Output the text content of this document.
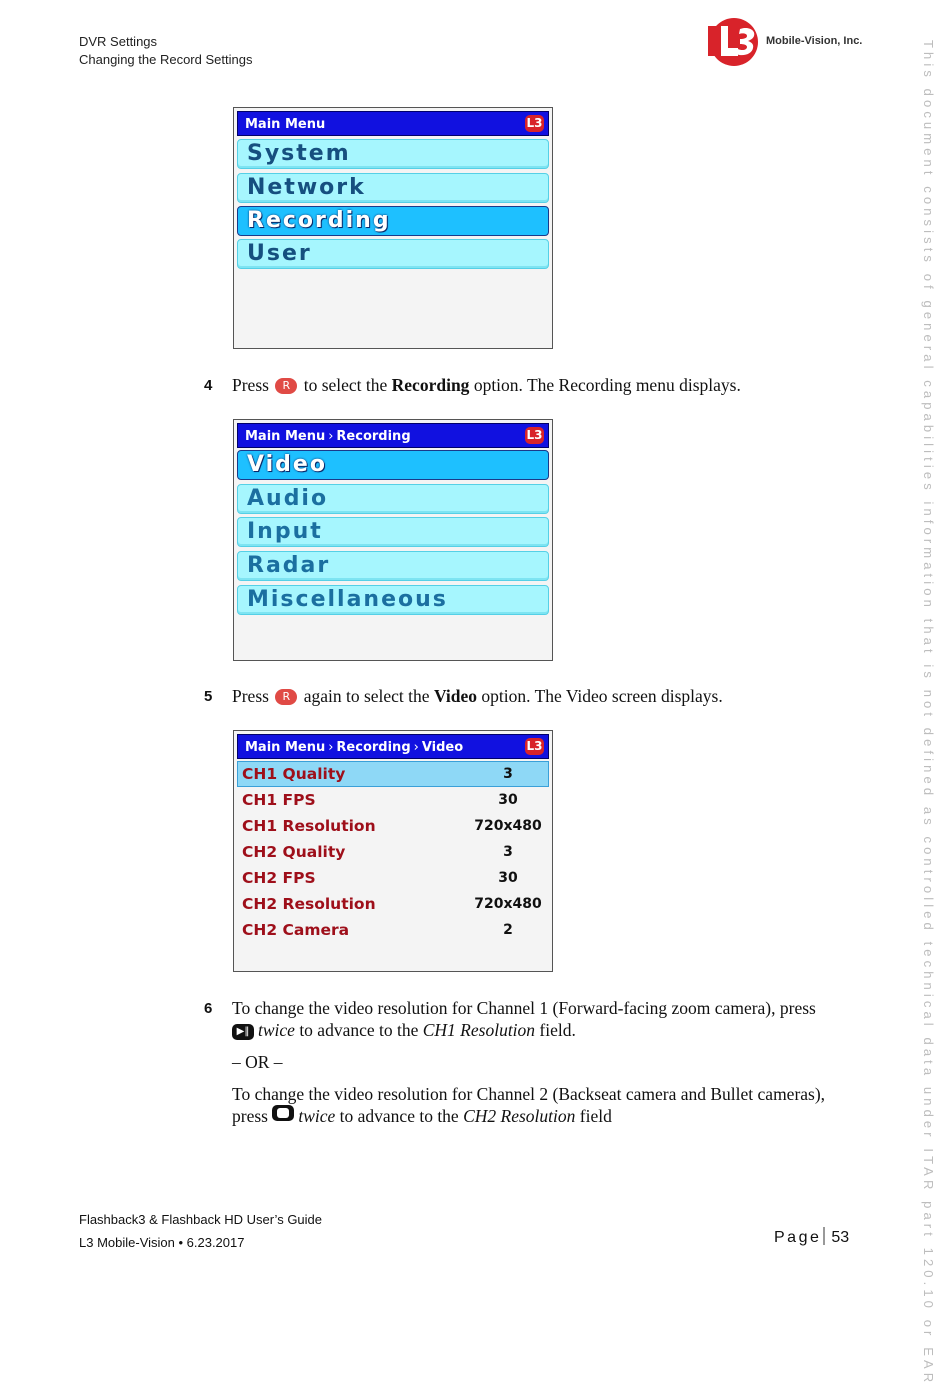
DVR Settings
Changing the Record Settings
Mobile-Vision, Inc.	This document consists of general capabilities information that is not defined as controlled technical data under ITAR part 120.10 or EAR
Main Menu	L3
System
Network
Recording
User
4 Press R to select the Recording option. The Recording menu displays.
Main Menu › Recording	L3
Video
Audio
Input
Radar
Miscellaneous
5 Press R again to select the Video option. The Video screen displays.
Main Menu › Recording › Video	L3
CH1 Quality	3
CH1 FPS	30
CH1 Resolution	720x480
CH2 Quality	3
CH2 FPS	30
CH2 Resolution	720x480
CH2 Camera	2
6 To change the video resolution for Channel 1 (Forward-facing zoom camera), press
▶‖ twice to advance to the CH1 Resolution field.
– OR –
To change the video resolution for Channel 2 (Backseat camera and Bullet cameras),
press twice to advance to the CH2 Resolution field
Flashback3 & Flashback HD User’s Guide
L3 Mobile-Vision • 6.23.2017	Page 53
